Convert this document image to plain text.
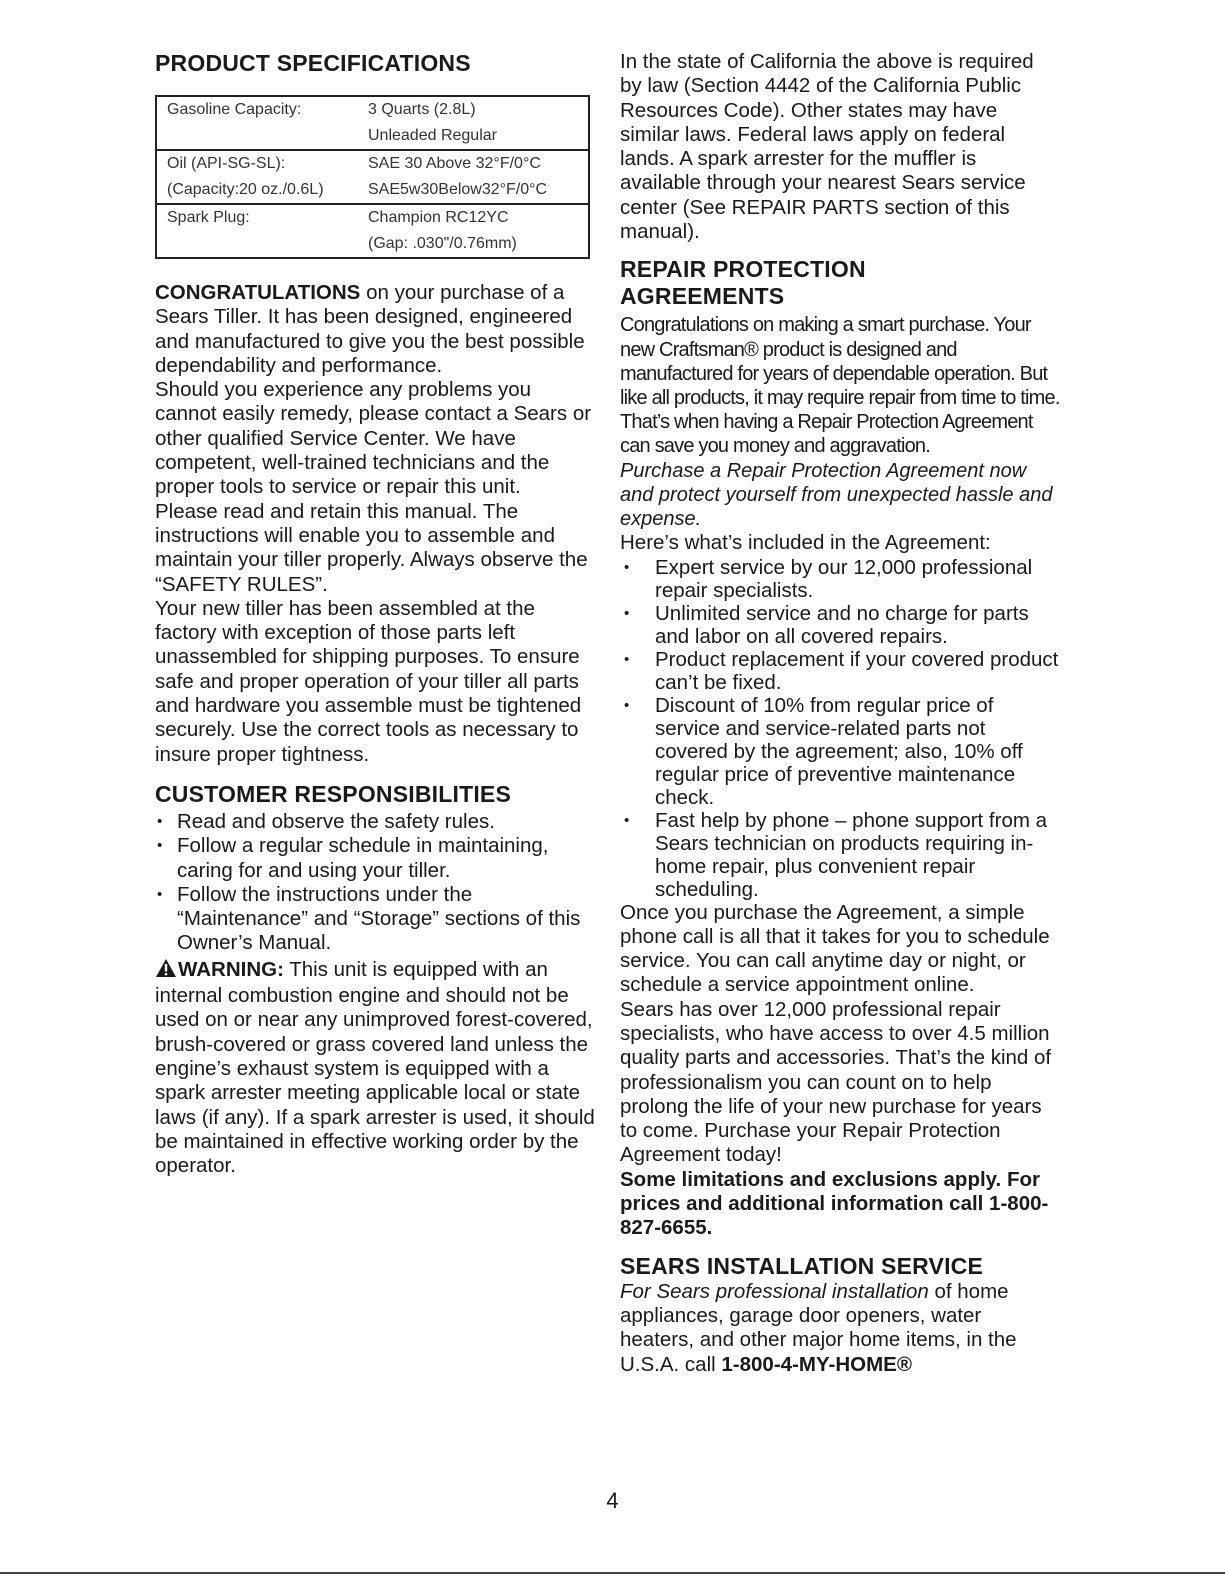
PRODUCT SPECIFICATIONS
Gasoline Capacity:	3 Quarts (2.8L)
	Unleaded Regular
Oil (API-SG-SL):	SAE 30 Above 32°F/0°C
(Capacity:20 oz./0.6L)	SAE5w30Below32°F/0°C
Spark Plug:	Champion RC12YC
	(Gap: .030"/0.76mm)

CONGRATULATIONS on your purchase of a Sears Tiller. It has been designed, engineered and manufactured to give you the best possible dependability and performance.

Should you experience any problems you cannot easily remedy, please contact a Sears or other qualified Service Center. We have competent, well-trained technicians and the proper tools to service or repair this unit.

Please read and retain this manual. The instructions will enable you to assemble and maintain your tiller properly. Always observe the “SAFETY RULES”.

Your new tiller has been assembled at the factory with exception of those parts left unassembled for shipping purposes. To ensure safe and proper operation of your tiller all parts and hardware you assemble must be tightened securely. Use the correct tools as necessary to insure proper tightness.

CUSTOMER RESPONSIBILITIES
• Read and observe the safety rules.
• Follow a regular schedule in maintaining, caring for and using your tiller.
• Follow the instructions under the “Maintenance” and “Storage” sections of this Owner’s Manual.

WARNING: This unit is equipped with an internal combustion engine and should not be used on or near any unimproved forest-covered, brush-covered or grass covered land unless the engine’s exhaust system is equipped with a spark arrester meeting applicable local or state laws (if any). If a spark arrester is used, it should be maintained in effective working order by the operator.

In the state of California the above is required by law (Section 4442 of the California Public Resources Code). Other states may have similar laws. Federal laws apply on federal lands. A spark arrester for the muffler is available through your nearest Sears service center (See REPAIR PARTS section of this manual).

REPAIR PROTECTION
AGREEMENTS

Congratulations on making a smart purchase. Your new Craftsman® product is designed and manufactured for years of dependable operation. But like all products, it may require repair from time to time. That’s when having a Repair Protection Agreement can save you money and aggravation.

Purchase a Repair Protection Agreement now and protect yourself from unexpected hassle and expense.

Here’s what’s included in the Agreement:

• Expert service by our 12,000 professional repair specialists.
• Unlimited service and no charge for parts and labor on all covered repairs.
• Product replacement if your covered product can’t be fixed.
• Discount of 10% from regular price of service and service-related parts not covered by the agreement; also, 10% off regular price of preventive maintenance check.
• Fast help by phone – phone support from a Sears technician on products requiring in-home repair, plus convenient repair scheduling.

Once you purchase the Agreement, a simple phone call is all that it takes for you to schedule service. You can call anytime day or night, or schedule a service appointment online.

Sears has over 12,000 professional repair specialists, who have access to over 4.5 million quality parts and accessories. That’s the kind of professionalism you can count on to help prolong the life of your new purchase for years to come. Purchase your Repair Protection Agreement today!

Some limitations and exclusions apply. For prices and additional information call 1-800-827-6655.

SEARS INSTALLATION SERVICE

For Sears professional installation of home appliances, garage door openers, water heaters, and other major home items, in the U.S.A. call 1-800-4-MY-HOME®

4
